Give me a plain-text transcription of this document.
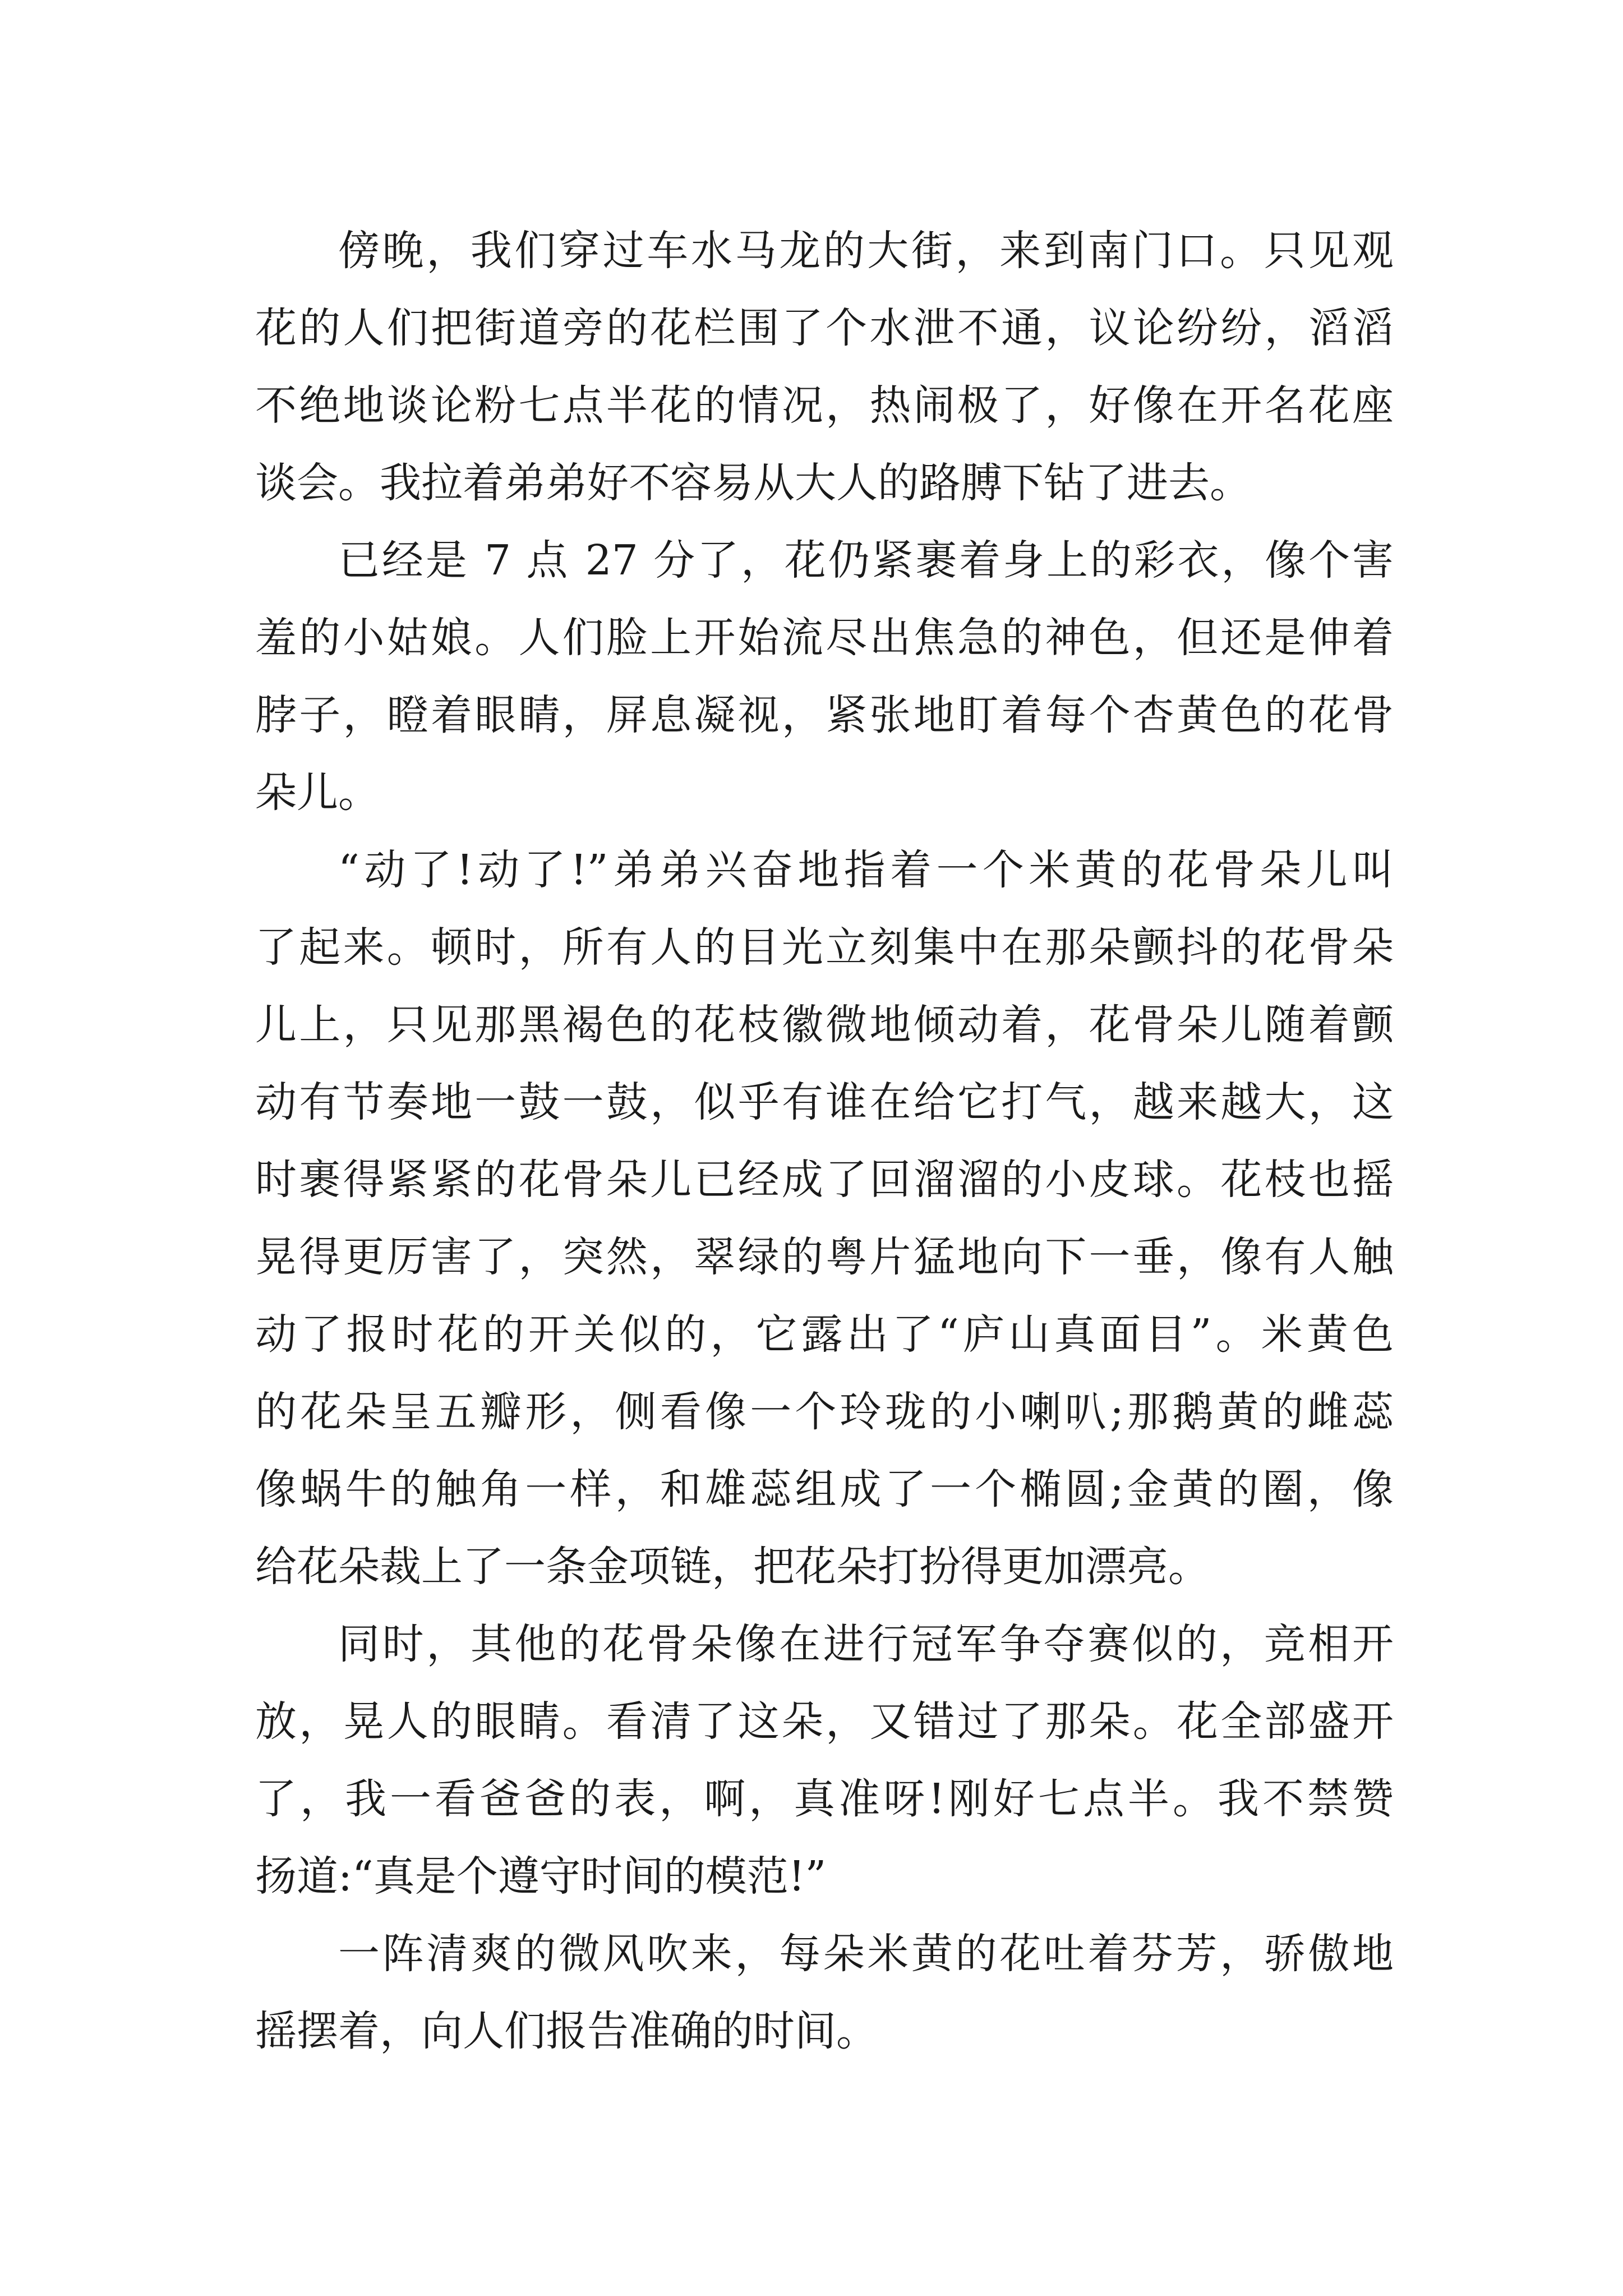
傍晚，我们穿过车水马龙的大街，来到南门口。只见观
花的人们把街道旁的花栏围了个水泄不通，议论纷纷，滔滔
不绝地谈论粉七点半花的情况，热闹极了，好像在开名花座
谈会。我拉着弟弟好不容易从大人的路膊下钻了进去。
已经是 7 点 27 分了，花仍紧裹着身上的彩衣，像个害
羞的小姑娘。人们脸上开始流尽出焦急的神色，但还是伸着
脖子，瞪着眼睛，屏息凝视，紧张地盯着每个杏黄色的花骨
朵儿。
“动了!动了!”弟弟兴奋地指着一个米黄的花骨朵儿叫
了起来。顿时，所有人的目光立刻集中在那朵颤抖的花骨朵
儿上，只见那黑褐色的花枝徽微地倾动着，花骨朵儿随着颤
动有节奏地一鼓一鼓，似乎有谁在给它打气，越来越大，这
时裹得紧紧的花骨朵儿已经成了回溜溜的小皮球。花枝也摇
晃得更厉害了，突然，翠绿的粤片猛地向下一垂，像有人触
动了报时花的开关似的，它露出了“庐山真面目”。米黄色
的花朵呈五瓣形，侧看像一个玲珑的小喇叭;那鹅黄的雌蕊
像蜗牛的触角一样，和雄蕊组成了一个椭圆;金黄的圈，像
给花朵裁上了一条金项链，把花朵打扮得更加漂亮。
同时，其他的花骨朵像在进行冠军争夺赛似的，竞相开
放，晃人的眼睛。看清了这朵，又错过了那朵。花全部盛开
了，我一看爸爸的表，啊，真准呀!刚好七点半。我不禁赞
扬道:“真是个遵守时间的模范!”
一阵清爽的微风吹来，每朵米黄的花吐着芬芳，骄傲地
摇摆着，向人们报告准确的时间。
